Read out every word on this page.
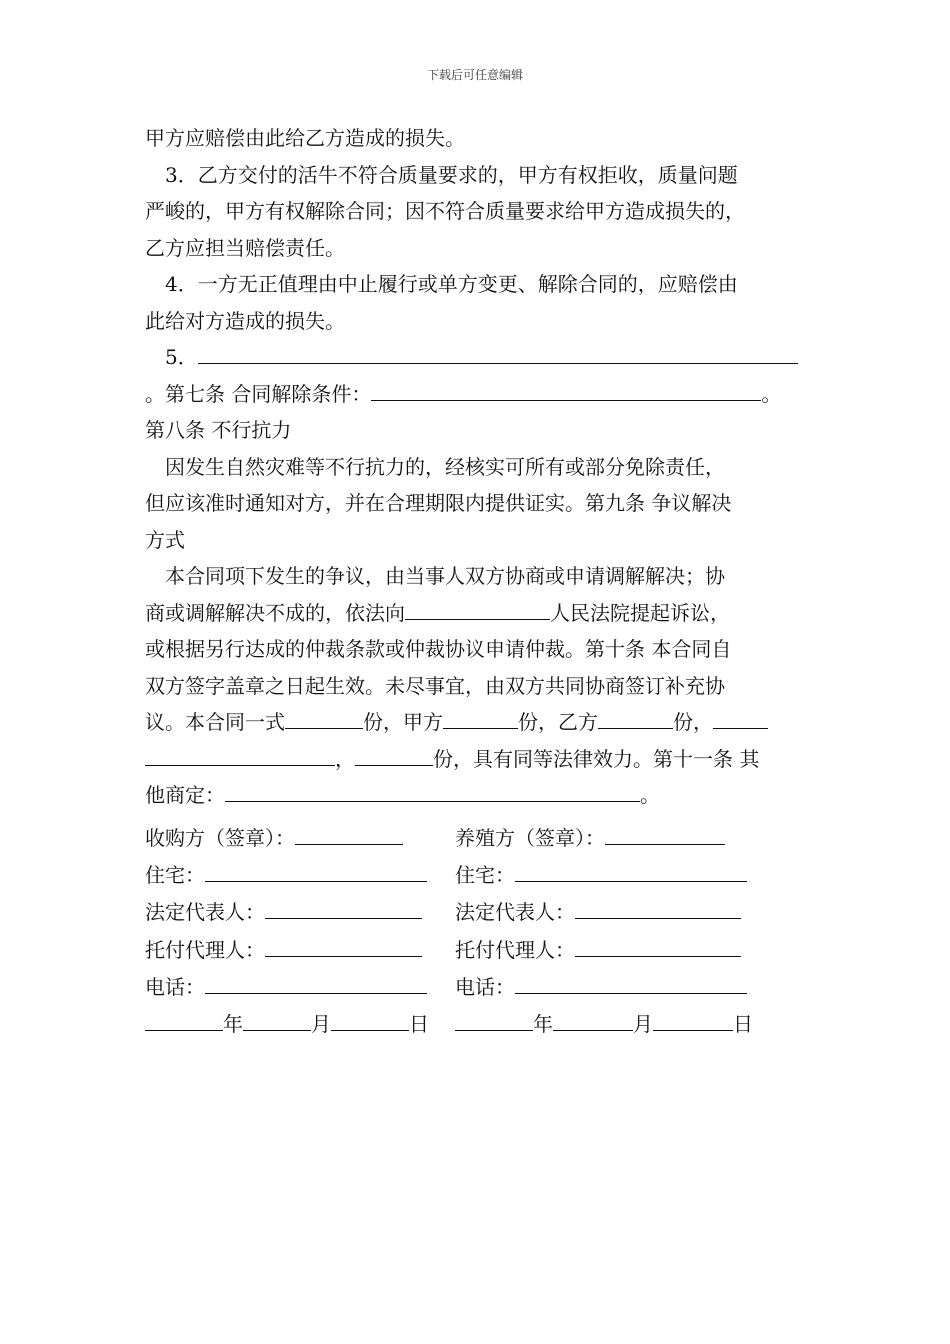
下载后可任意编辑

甲方应赔偿由此给乙方造成的损失。

3．乙方交付的活牛不符合质量要求的，甲方有权拒收，质量问题

严峻的，甲方有权解除合同；因不符合质量要求给甲方造成损失的，

乙方应担当赔偿责任。

4．一方无正值理由中止履行或单方变更、解除合同的，应赔偿由

此给对方造成的损失。

5．

。第七条 合同解除条件：	。

第八条 不行抗力

因发生自然灾难等不行抗力的，经核实可所有或部分免除责任，

但应该准时通知对方，并在合理期限内提供证实。第九条 争议解决

方式

本合同项下发生的争议，由当事人双方协商或申请调解解决；协

商或调解解决不成的，依法向	人民法院提起诉讼，

或根据另行达成的仲裁条款或仲裁协议申请仲裁。第十条 本合同自

双方签字盖章之日起生效。未尽事宜，由双方共同协商签订补充协

议。本合同一式	份，甲方	份，乙方	份，

，	份，具有同等法律效力。第十一条 其

他商定：	。

收购方（签章）：	养殖方（签章）：
住宅：	住宅：
法定代表人：	法定代表人：
托付代理人：	托付代理人：
电话：	电话：
年	月	日	年	月	日
